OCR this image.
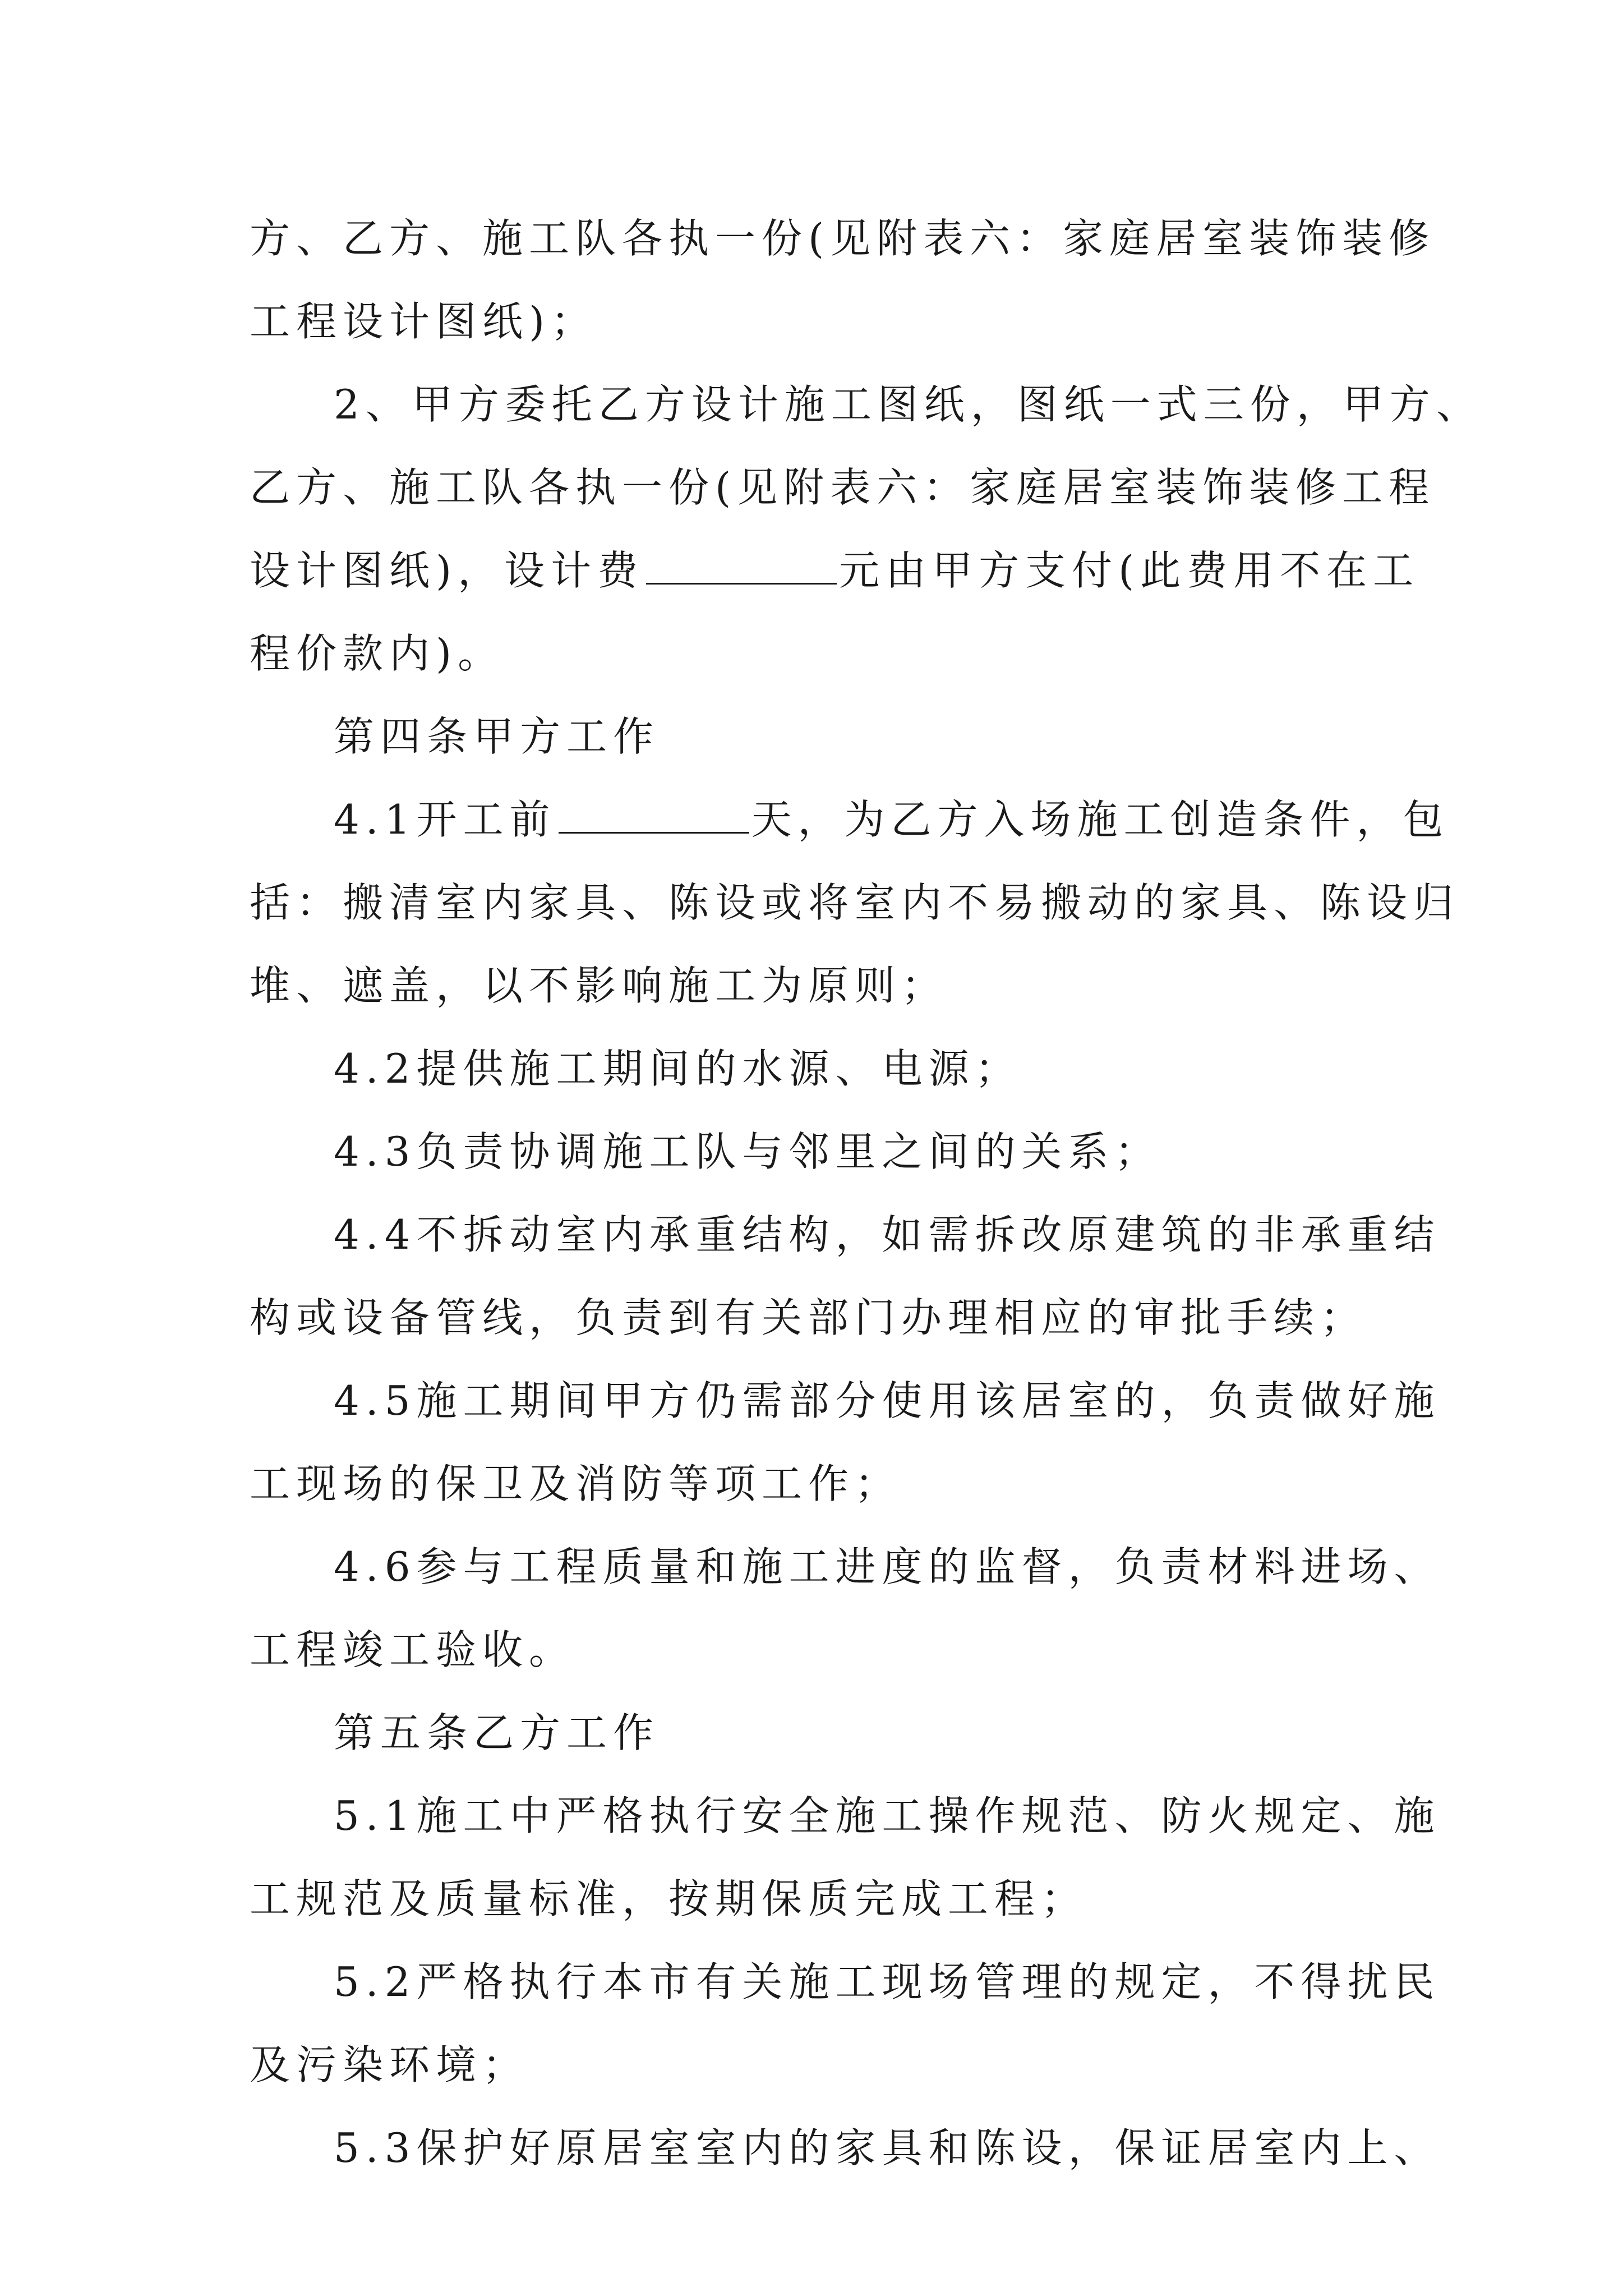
方、乙方、施工队各执一份(见附表六：家庭居室装饰装修
工程设计图纸)；
2、甲方委托乙方设计施工图纸，图纸一式三份，甲方、
乙方、施工队各执一份(见附表六：家庭居室装饰装修工程
设计图纸)，设计费	元由甲方支付(此费用不在工
程价款内)。
第四条甲方工作
4.1开工前	天，为乙方入场施工创造条件，包
括：搬清室内家具、陈设或将室内不易搬动的家具、陈设归
堆、遮盖，以不影响施工为原则；
4.2提供施工期间的水源、电源；
4.3负责协调施工队与邻里之间的关系；
4.4不拆动室内承重结构，如需拆改原建筑的非承重结
构或设备管线，负责到有关部门办理相应的审批手续；
4.5施工期间甲方仍需部分使用该居室的，负责做好施
工现场的保卫及消防等项工作；
4.6参与工程质量和施工进度的监督，负责材料进场、
工程竣工验收。
第五条乙方工作
5.1施工中严格执行安全施工操作规范、防火规定、施
工规范及质量标准，按期保质完成工程；
5.2严格执行本市有关施工现场管理的规定，不得扰民
及污染环境；
5.3保护好原居室室内的家具和陈设，保证居室内上、
